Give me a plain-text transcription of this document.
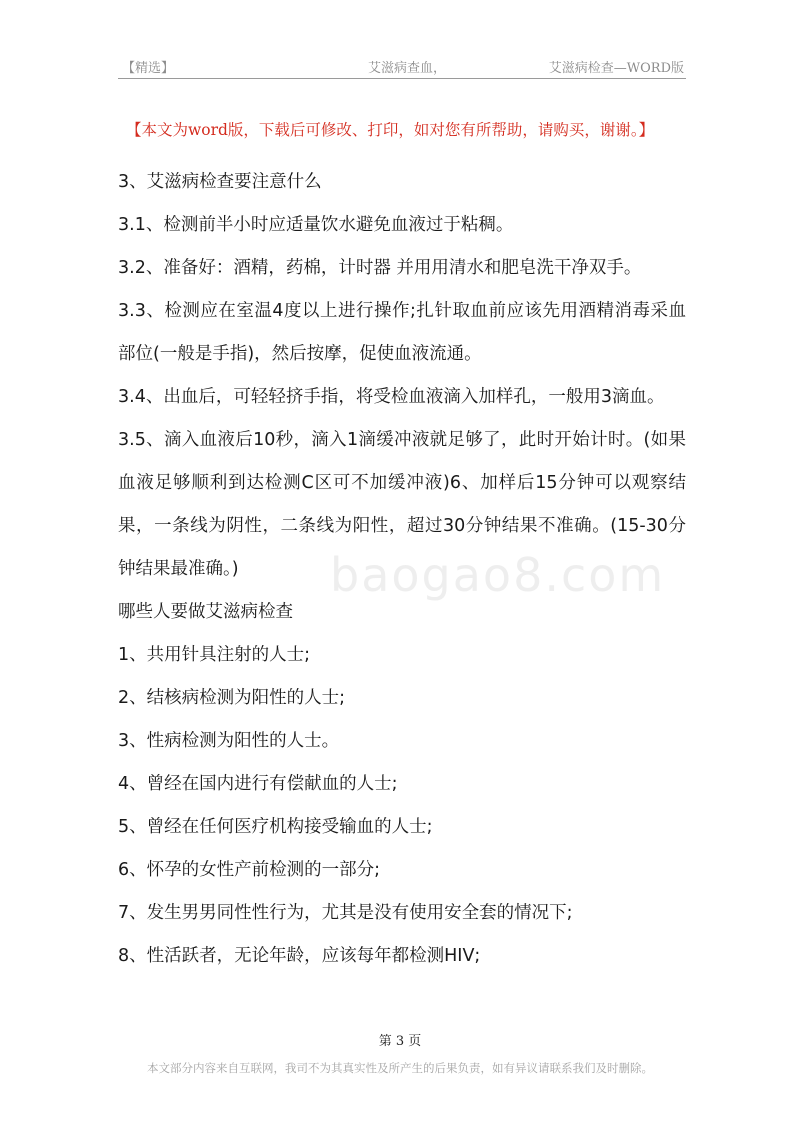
【精选】	艾滋病查血，	艾滋病检查—WORD版
【本文为word版，下载后可修改、打印，如对您有所帮助，请购买，谢谢。】
baogao8.com

3、艾滋病检查要注意什么

3.1、检测前半小时应适量饮水避免血液过于粘稠。

3.2、准备好：酒精，药棉，计时器 并用用清水和肥皂洗干净双手。

3.3、检测应在室温4度以上进行操作;扎针取血前应该先用酒精消毒采血部位(一般是手指)，然后按摩，促使血液流通。

3.4、出血后，可轻轻挤手指，将受检血液滴入加样孔，一般用3滴血。

3.5、滴入血液后10秒，滴入1滴缓冲液就足够了，此时开始计时。(如果血液足够顺利到达检测C区可不加缓冲液)6、加样后15分钟可以观察结果，一条线为阴性，二条线为阳性，超过30分钟结果不准确。(15-30分钟结果最准确。)

哪些人要做艾滋病检查

1、共用针具注射的人士;

2、结核病检测为阳性的人士;

3、性病检测为阳性的人士。

4、曾经在国内进行有偿献血的人士;

5、曾经在任何医疗机构接受输血的人士;

6、怀孕的女性产前检测的一部分;

7、发生男男同性性行为，尤其是没有使用安全套的情况下;

8、性活跃者，无论年龄，应该每年都检测HIV;

第 3 页
本文部分内容来自互联网，我司不为其真实性及所产生的后果负责，如有异议请联系我们及时删除。
